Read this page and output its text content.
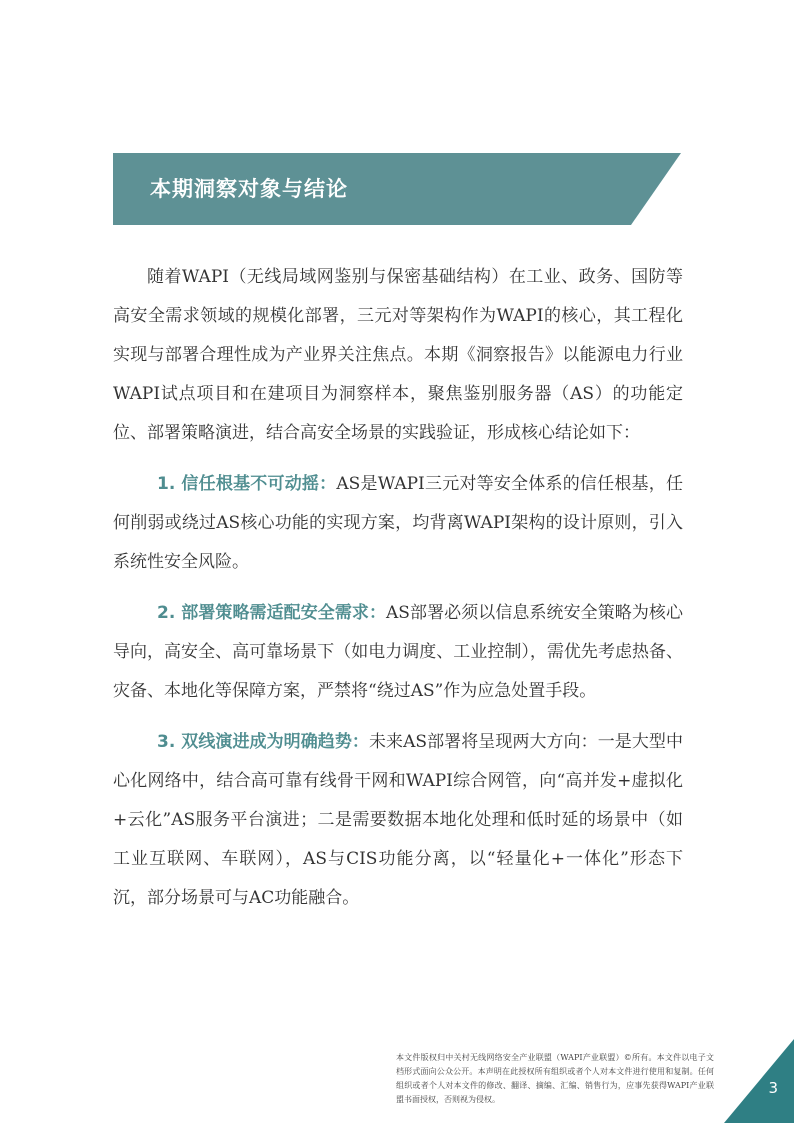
本期洞察对象与结论

随着WAPI（无线局域网鉴别与保密基础结构）在工业、政务、国防等高安全需求领域的规模化部署，三元对等架构作为WAPI的核心，其工程化实现与部署合理性成为产业界关注焦点。本期《洞察报告》以能源电力行业WAPI试点项目和在建项目为洞察样本，聚焦鉴别服务器（AS）的功能定位、部署策略演进，结合高安全场景的实践验证，形成核心结论如下：

1. 信任根基不可动摇：AS是WAPI三元对等安全体系的信任根基，任何削弱或绕过AS核心功能的实现方案，均背离WAPI架构的设计原则，引入系统性安全风险。

2. 部署策略需适配安全需求：AS部署必须以信息系统安全策略为核心导向，高安全、高可靠场景下（如电力调度、工业控制），需优先考虑热备、灾备、本地化等保障方案，严禁将“绕过AS”作为应急处置手段。

3. 双线演进成为明确趋势：未来AS部署将呈现两大方向：一是大型中心化网络中，结合高可靠有线骨干网和WAPI综合网管，向“高并发+虚拟化+云化”AS服务平台演进；二是需要数据本地化处理和低时延的场景中（如工业互联网、车联网），AS与CIS功能分离，以“轻量化+一体化”形态下沉，部分场景可与AC功能融合。

本文件版权归中关村无线网络安全产业联盟（WAPI产业联盟）©所有。本文件以电子文档形式面向公众公开。本声明在此授权所有组织或者个人对本文件进行使用和复制。任何组织或者个人对本文件的修改、翻译、摘编、汇编、销售行为，应事先获得WAPI产业联盟书面授权，否则视为侵权。
3
